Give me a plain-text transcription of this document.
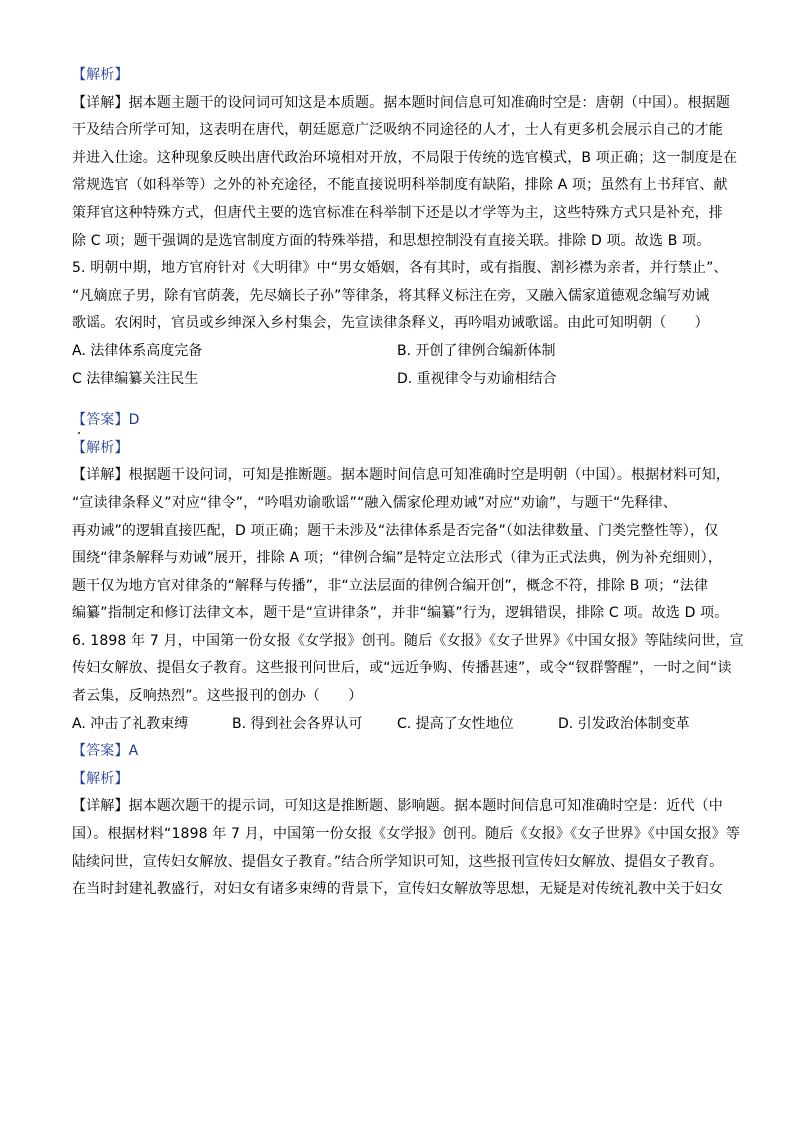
【解析】
【详解】据本题主题干的设问词可知这是本质题。据本题时间信息可知准确时空是：唐朝（中国）。根据题
干及结合所学可知，这表明在唐代，朝廷愿意广泛吸纳不同途径的人才，士人有更多机会展示自己的才能
并进入仕途。这种现象反映出唐代政治环境相对开放，不局限于传统的选官模式，B 项正确；这一制度是在
常规选官（如科举等）之外的补充途径，不能直接说明科举制度有缺陷，排除 A 项；虽然有上书拜官、献
策拜官这种特殊方式，但唐代主要的选官标准在科举制下还是以才学等为主，这些特殊方式只是补充，排
除 C 项；题干强调的是选官制度方面的特殊举措，和思想控制没有直接关联。排除 D 项。故选 B 项。
5. 明朝中期，地方官府针对《大明律》中“男女婚姻，各有其时，或有指腹、割衫襟为亲者，并行禁止”、
“凡嫡庶子男，除有官荫袭，先尽嫡长子孙”等律条，将其释义标注在旁，又融入儒家道德观念编写劝诫
歌谣。农闲时，官员或乡绅深入乡村集会，先宣读律条释义，再吟唱劝诫歌谣。由此可知明朝（　　）
A. 法律体系高度完备	B. 开创了律例合编新体制
C 法律编纂关注民生	D. 重视律令与劝谕相结合
【答案】D
【解析】
【详解】根据题干设问词，可知是推断题。据本题时间信息可知准确时空是明朝（中国）。根据材料可知，
“宣读律条释义”对应“律令”，“吟唱劝谕歌谣”“融入儒家伦理劝诫”对应“劝谕”，与题干“先释律、
再劝诫”的逻辑直接匹配，D 项正确；题干未涉及“法律体系是否完备”（如法律数量、门类完整性等），仅
围绕“律条解释与劝诫”展开，排除 A 项；“律例合编”是特定立法形式（律为正式法典，例为补充细则），
题干仅为地方官对律条的“解释与传播”，非“立法层面的律例合编开创”，概念不符，排除 B 项；“法律
编纂”指制定和修订法律文本，题干是“宣讲律条”，并非“编纂”行为，逻辑错误，排除 C 项。故选 D 项。
6. 1898 年 7 月，中国第一份女报《女学报》创刊。随后《女报》《女子世界》《中国女报》等陆续问世，宣
传妇女解放、提倡女子教育。这些报刊问世后，或“远近争购、传播甚速”，或令“钗群警醒”，一时之间“读
者云集，反响热烈”。这些报刊的创办（　　）
A. 冲击了礼教束缚	B. 得到社会各界认可 C. 提高了女性地位	D. 引发政治体制变革
【答案】A
【解析】
【详解】据本题次题干的提示词，可知这是推断题、影响题。据本题时间信息可知准确时空是：近代（中
国）。根据材料“1898 年 7 月，中国第一份女报《女学报》创刊。随后《女报》《女子世界》《中国女报》等
陆续问世，宣传妇女解放、提倡女子教育。”结合所学知识可知，这些报刊宣传妇女解放、提倡女子教育。
在当时封建礼教盛行，对妇女有诸多束缚的背景下，宣传妇女解放等思想，无疑是对传统礼教中关于妇女
